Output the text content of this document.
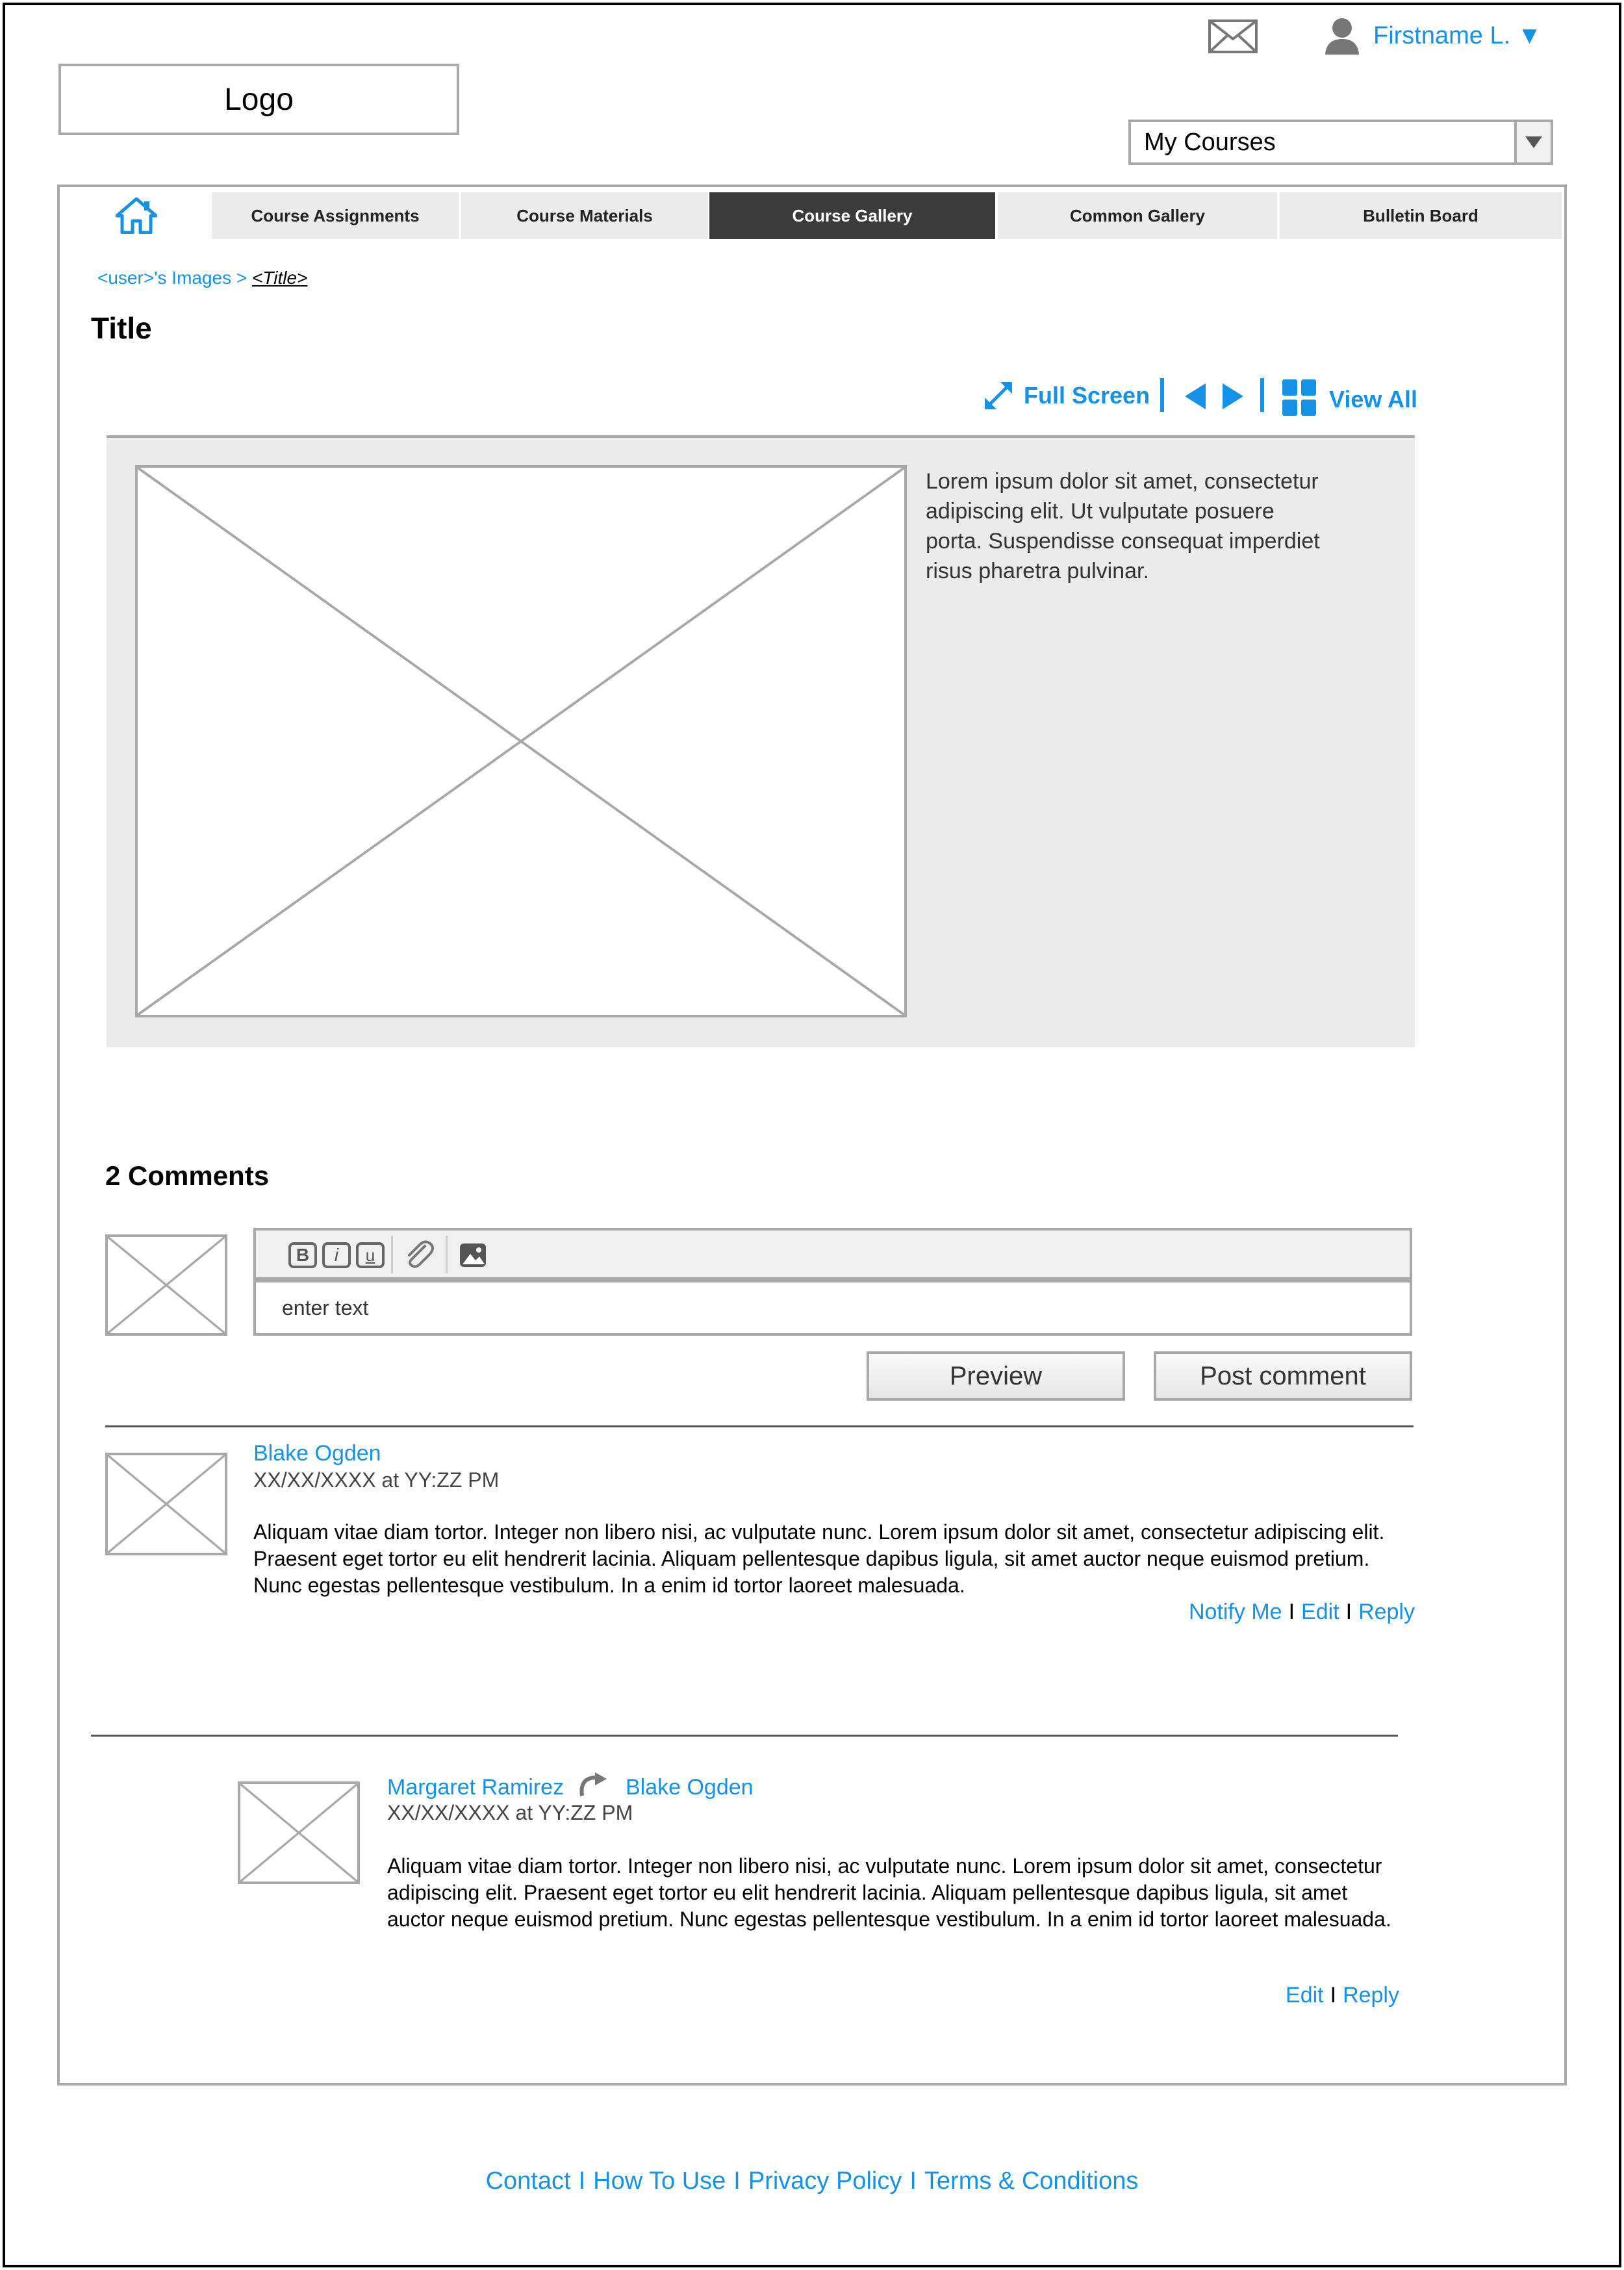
Logo
Firstname L. ▼
My Courses
Course Assignments	Course Materials	Course Gallery	Common Gallery	Bulletin Board
<user>'s Images > <Title>
Title
Full Screen	View All
Lorem ipsum dolor sit amet, consectetur adipiscing elit. Ut vulputate posuere porta. Suspendisse consequat imperdiet risus pharetra pulvinar.
2 Comments
B	i	u
enter text
Preview	Post comment
Blake Ogden
XX/XX/XXXX at YY:ZZ PM
Aliquam vitae diam tortor. Integer non libero nisi, ac vulputate nunc. Lorem ipsum dolor sit amet, consectetur adipiscing elit. Praesent eget tortor eu elit hendrerit lacinia. Aliquam pellentesque dapibus ligula, sit amet auctor neque euismod pretium. Nunc egestas pellentesque vestibulum. In a enim id tortor laoreet malesuada.
Notify Me I Edit I Reply
Margaret Ramirez	Blake Ogden
XX/XX/XXXX at YY:ZZ PM
Aliquam vitae diam tortor. Integer non libero nisi, ac vulputate nunc. Lorem ipsum dolor sit amet, consectetur adipiscing elit. Praesent eget tortor eu elit hendrerit lacinia. Aliquam pellentesque dapibus ligula, sit amet auctor neque euismod pretium. Nunc egestas pellentesque vestibulum. In a enim id tortor laoreet malesuada.
Edit I Reply
Contact I How To Use I Privacy Policy I Terms & Conditions
